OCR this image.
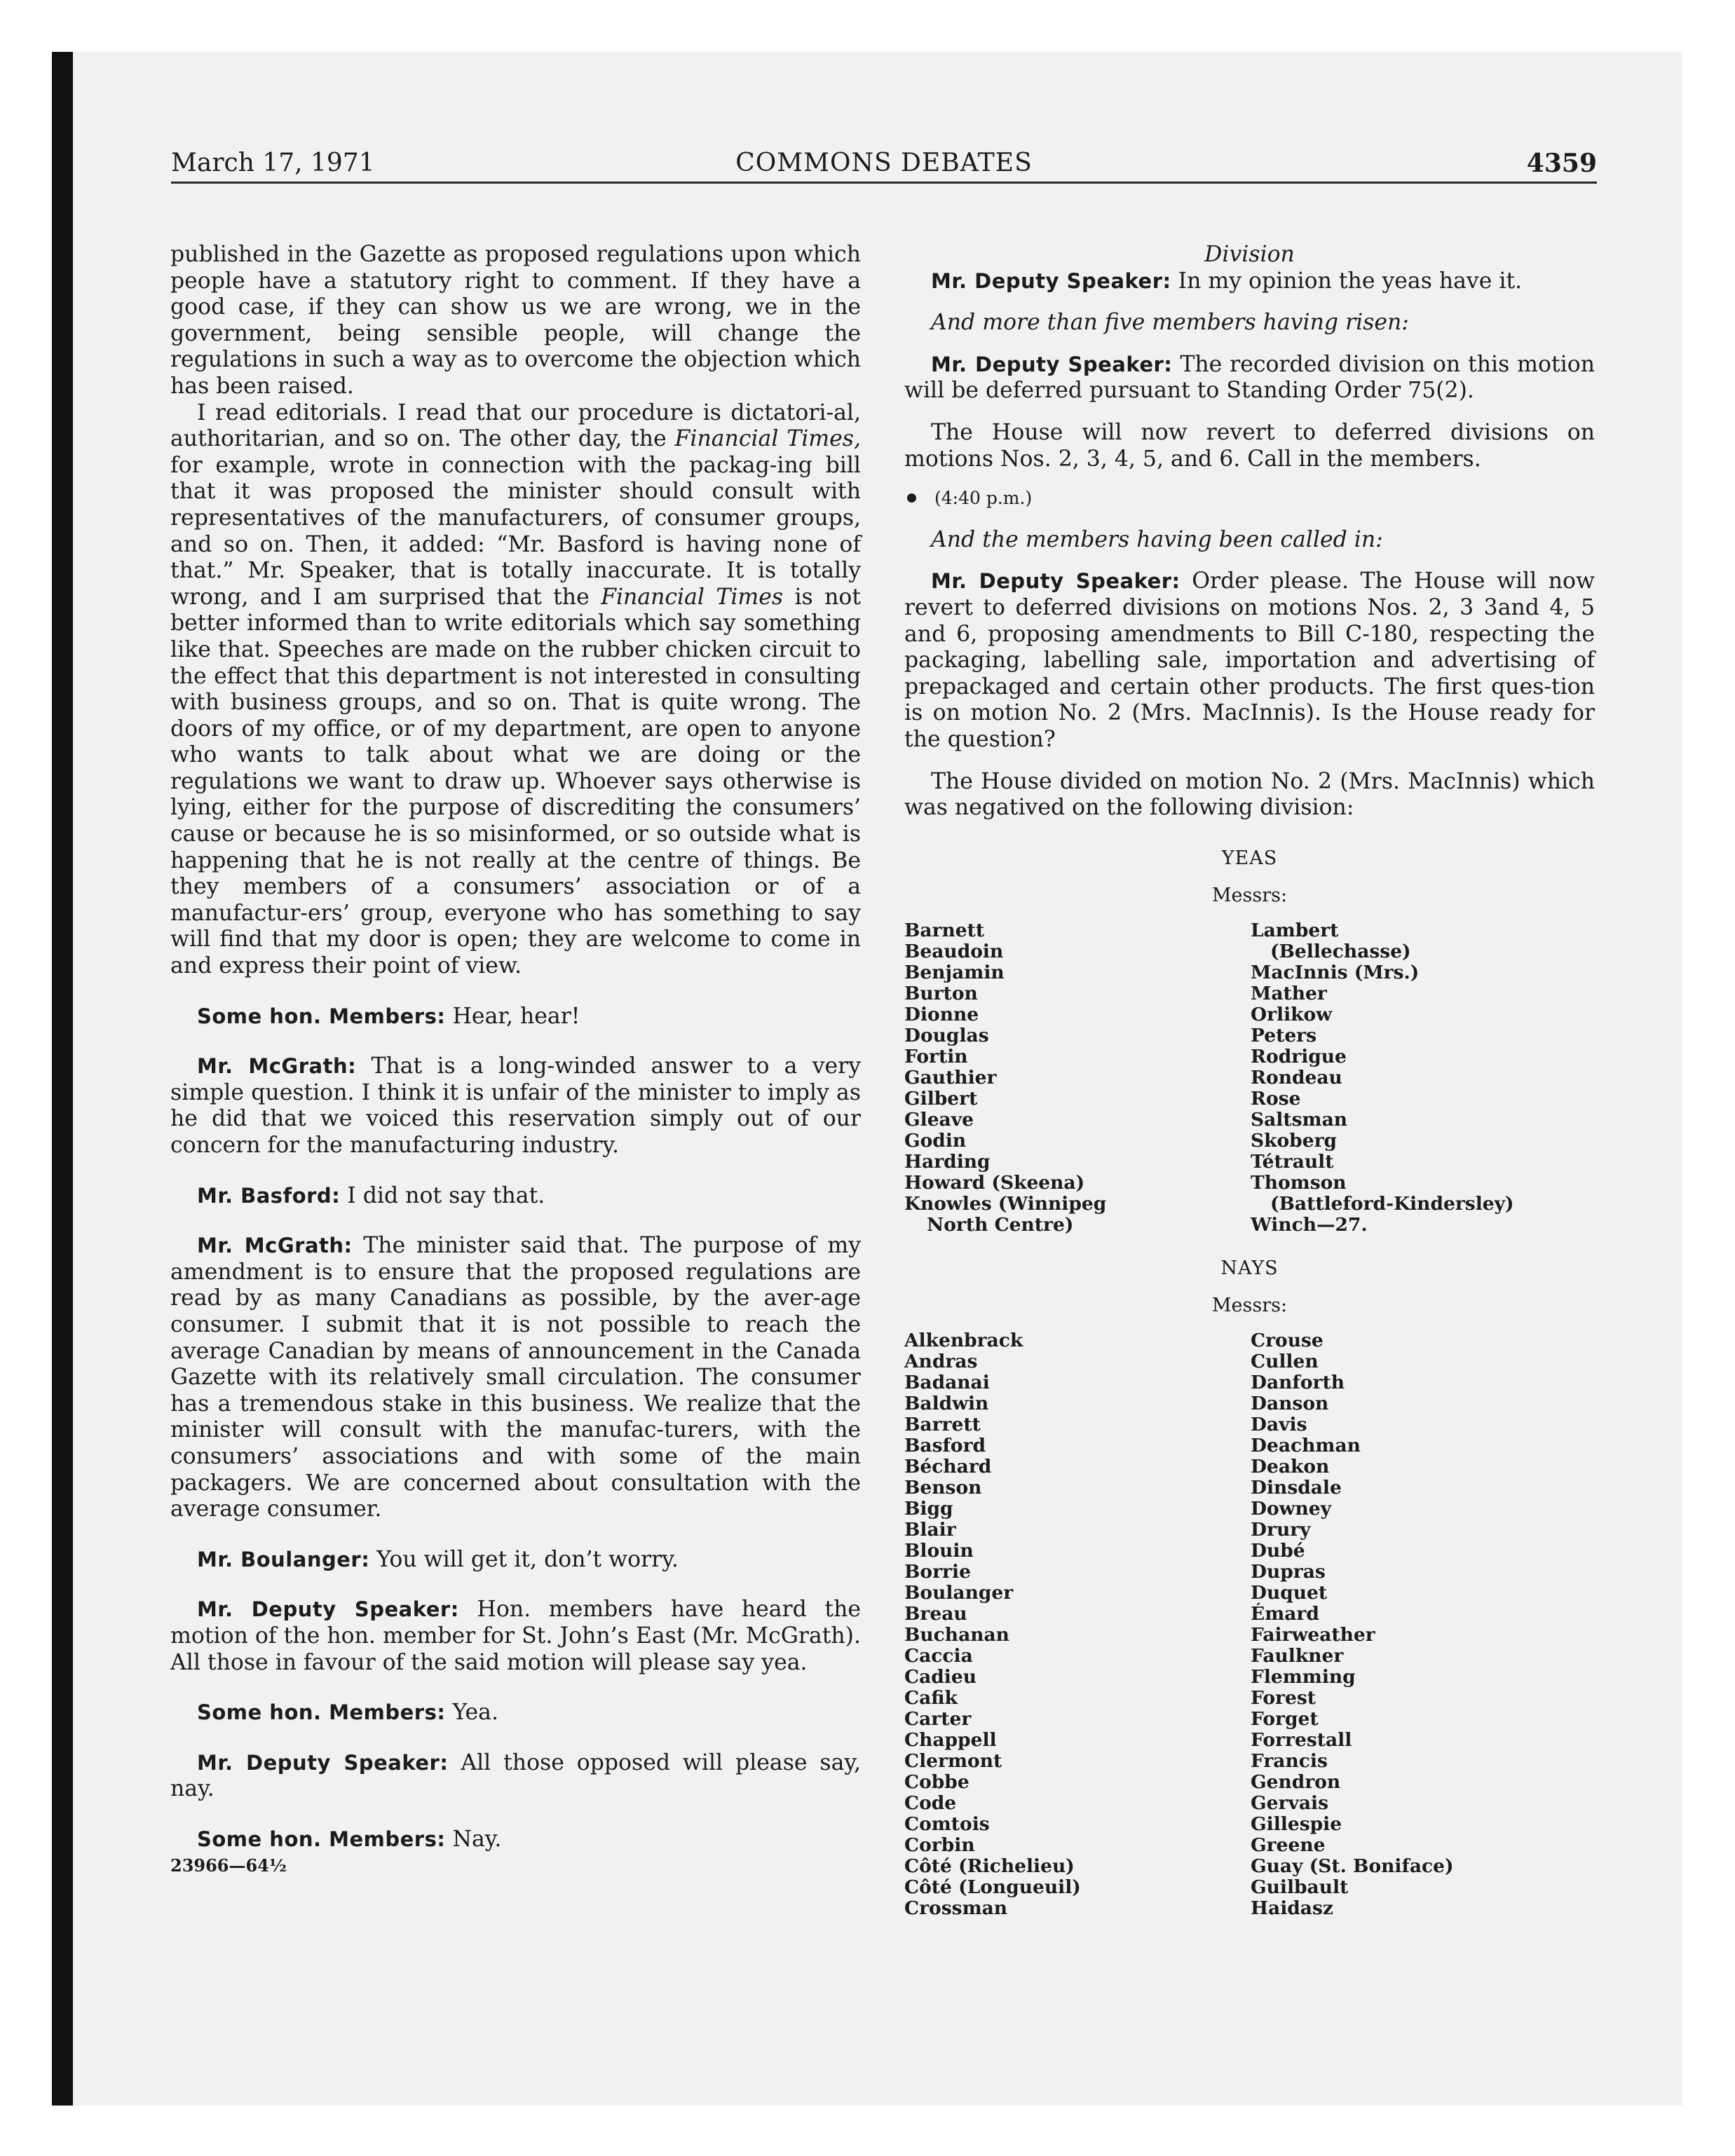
March 17, 1971	COMMONS DEBATES	4359

published in the Gazette as proposed regulations upon which people have a statutory right to comment. If they have a good case, if they can show us we are wrong, we in the government, being sensible people, will change the regulations in such a way as to overcome the objection which has been raised.

I read editorials. I read that our procedure is dictatori-al, authoritarian, and so on. The other day, the Financial Times, for example, wrote in connection with the packag-ing bill that it was proposed the minister should consult with representatives of the manufacturers, of consumer groups, and so on. Then, it added: “Mr. Basford is having none of that.” Mr. Speaker, that is totally inaccurate. It is totally wrong, and I am surprised that the Financial Times is not better informed than to write editorials which say something like that. Speeches are made on the rubber chicken circuit to the effect that this department is not interested in consulting with business groups, and so on. That is quite wrong. The doors of my office, or of my department, are open to anyone who wants to talk about what we are doing or the regulations we want to draw up. Whoever says otherwise is lying, either for the purpose of discrediting the consumers’ cause or because he is so misinformed, or so outside what is happening that he is not really at the centre of things. Be they members of a consumers’ association or of a manufactur-ers’ group, everyone who has something to say will find that my door is open; they are welcome to come in and express their point of view.

Some hon. Members: Hear, hear!

Mr. McGrath: That is a long-winded answer to a very simple question. I think it is unfair of the minister to imply as he did that we voiced this reservation simply out of our concern for the manufacturing industry.

Mr. Basford: I did not say that.

Mr. McGrath: The minister said that. The purpose of my amendment is to ensure that the proposed regulations are read by as many Canadians as possible, by the aver-age consumer. I submit that it is not possible to reach the average Canadian by means of announcement in the Canada Gazette with its relatively small circulation. The consumer has a tremendous stake in this business. We realize that the minister will consult with the manufac-turers, with the consumers’ associations and with some of the main packagers. We are concerned about consultation with the average consumer.

Mr. Boulanger: You will get it, don’t worry.

Mr. Deputy Speaker: Hon. members have heard the motion of the hon. member for St. John’s East (Mr. McGrath). All those in favour of the said motion will please say yea.

Some hon. Members: Yea.

Mr. Deputy Speaker: All those opposed will please say, nay.

Some hon. Members: Nay.

23966—64½

Division

Mr. Deputy Speaker: In my opinion the yeas have it.

And more than five members having risen:

Mr. Deputy Speaker: The recorded division on this motion will be deferred pursuant to Standing Order 75(2).

The House will now revert to deferred divisions on motions Nos. 2, 3, 4, 5, and 6. Call in the members.

(4:40 p.m.)

And the members having been called in:

Mr. Deputy Speaker: Order please. The House will now revert to deferred divisions on motions Nos. 2, 3 3and 4, 5 and 6, proposing amendments to Bill C-180, respecting the packaging, labelling sale, importation and advertising of prepackaged and certain other products. The first ques-tion is on motion No. 2 (Mrs. MacInnis). Is the House ready for the question?

The House divided on motion No. 2 (Mrs. MacInnis) which was negatived on the following division:

YEAS
Messrs:
Barnett
Beaudoin
Benjamin
Burton
Dionne
Douglas
Fortin
Gauthier
Gilbert
Gleave
Godin
Harding
Howard (Skeena)
Knowles (Winnipeg
North Centre)
Lambert
(Bellechasse)
MacInnis (Mrs.)
Mather
Orlikow
Peters
Rodrigue
Rondeau
Rose
Saltsman
Skoberg
Tétrault
Thomson
(Battleford-Kindersley)
Winch—27.
NAYS
Messrs:
Alkenbrack
Andras
Badanai
Baldwin
Barrett
Basford
Béchard
Benson
Bigg
Blair
Blouin
Borrie
Boulanger
Breau
Buchanan
Caccia
Cadieu
Cafik
Carter
Chappell
Clermont
Cobbe
Code
Comtois
Corbin
Côté (Richelieu)
Côté (Longueuil)
Crossman
Crouse
Cullen
Danforth
Danson
Davis
Deachman
Deakon
Dinsdale
Downey
Drury
Dubé
Dupras
Duquet
Émard
Fairweather
Faulkner
Flemming
Forest
Forget
Forrestall
Francis
Gendron
Gervais
Gillespie
Greene
Guay (St. Boniface)
Guilbault
Haidasz
